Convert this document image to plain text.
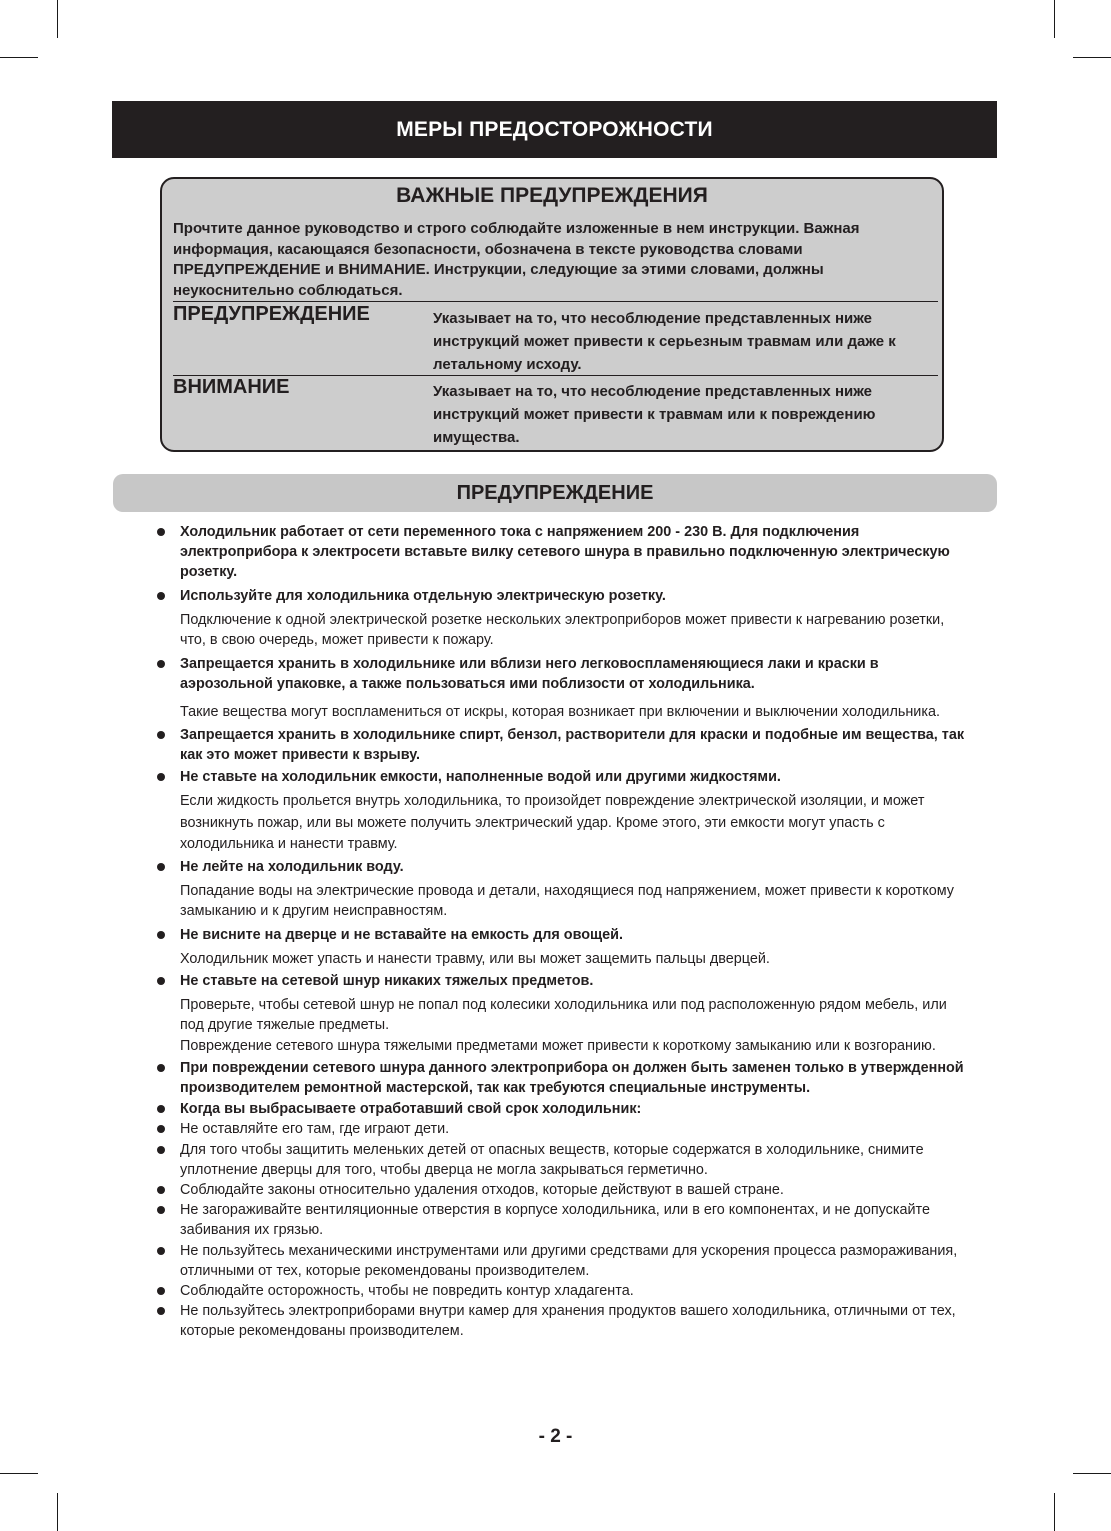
МЕРЫ ПРЕДОСТОРОЖНОСТИ
ВАЖНЫЕ ПРЕДУПРЕЖДЕНИЯ
Прочтите данное руководство и строго соблюдайте изложенные в нем инструкции. Важная информация, касающаяся безопасности, обозначена в тексте руководства словами ПРЕДУПРЕЖДЕНИЕ и ВНИМАНИЕ. Инструкции, следующие за этими словами, должны неукоснительно соблюдаться.
ПРЕДУПРЕЖДЕНИЕ	Указывает на то, что несоблюдение представленных ниже инструкций может привести к серьезным травмам или даже к летальному исходу.
ВНИМАНИЕ	Указывает на то, что несоблюдение представленных ниже инструкций может привести к травмам или к повреждению имущества.
ПРЕДУПРЕЖДЕНИЕ
Холодильник работает от сети переменного тока с напряжением 200 - 230 В. Для подключения электроприбора к электросети вставьте вилку сетевого шнура в правильно подключенную электрическую розетку.
Используйте для холодильника отдельную электрическую розетку.
Подключение к одной электрической розетке нескольких электроприборов может привести к нагреванию розетки, что, в свою очередь, может привести к пожару.
Запрещается хранить в холодильнике или вблизи него легковоспламеняющиеся лаки и краски в аэрозольной упаковке, а также пользоваться ими поблизости от холодильника.
Такие вещества могут воспламениться от искры, которая возникает при включении и выключении холодильника.
Запрещается хранить в холодильнике спирт, бензол, растворители для краски и подобные им вещества, так как это может привести к взрыву.
Не ставьте на холодильник емкости, наполненные водой или другими жидкостями.
Если жидкость прольется внутрь холодильника, то произойдет повреждение электрической изоляции, и может возникнуть пожар, или вы можете получить электрический удар. Кроме этого, эти емкости могут упасть с холодильника и нанести травму.
Не лейте на холодильник воду.
Попадание воды на электрические провода и детали, находящиеся под напряжением, может привести к короткому замыканию и к другим неисправностям.
Не висните на дверце и не вставайте на емкость для овощей.
Холодильник может упасть и нанести травму, или вы может защемить пальцы дверцей.
Не ставьте на сетевой шнур никаких тяжелых предметов.
Проверьте, чтобы сетевой шнур не попал под колесики холодильника или под расположенную рядом мебель, или под другие тяжелые предметы.
Повреждение сетевого шнура тяжелыми предметами может привести к короткому замыканию или к возгоранию.
При повреждении сетевого шнура данного электроприбора он должен быть заменен только в утвержденной производителем ремонтной мастерской, так как требуются специальные инструменты.
Когда вы выбрасываете отработавший свой срок холодильник:
Не оставляйте его там, где играют дети.
Для того чтобы защитить меленьких детей от опасных веществ, которые содержатся в холодильнике, снимите уплотнение дверцы для того, чтобы дверца не могла закрываться герметично.
Соблюдайте законы относительно удаления отходов, которые действуют в вашей стране.
Не загораживайте вентиляционные отверстия в корпусе холодильника, или в его компонентах, и не допускайте забивания их грязью.
Не пользуйтесь механическими инструментами или другими средствами для ускорения процесса размораживания, отличными от тех, которые рекомендованы производителем.
Соблюдайте осторожность, чтобы не повредить контур хладагента.
Не пользуйтесь электроприборами внутри камер для хранения продуктов вашего холодильника, отличными от тех, которые рекомендованы производителем.
- 2 -
